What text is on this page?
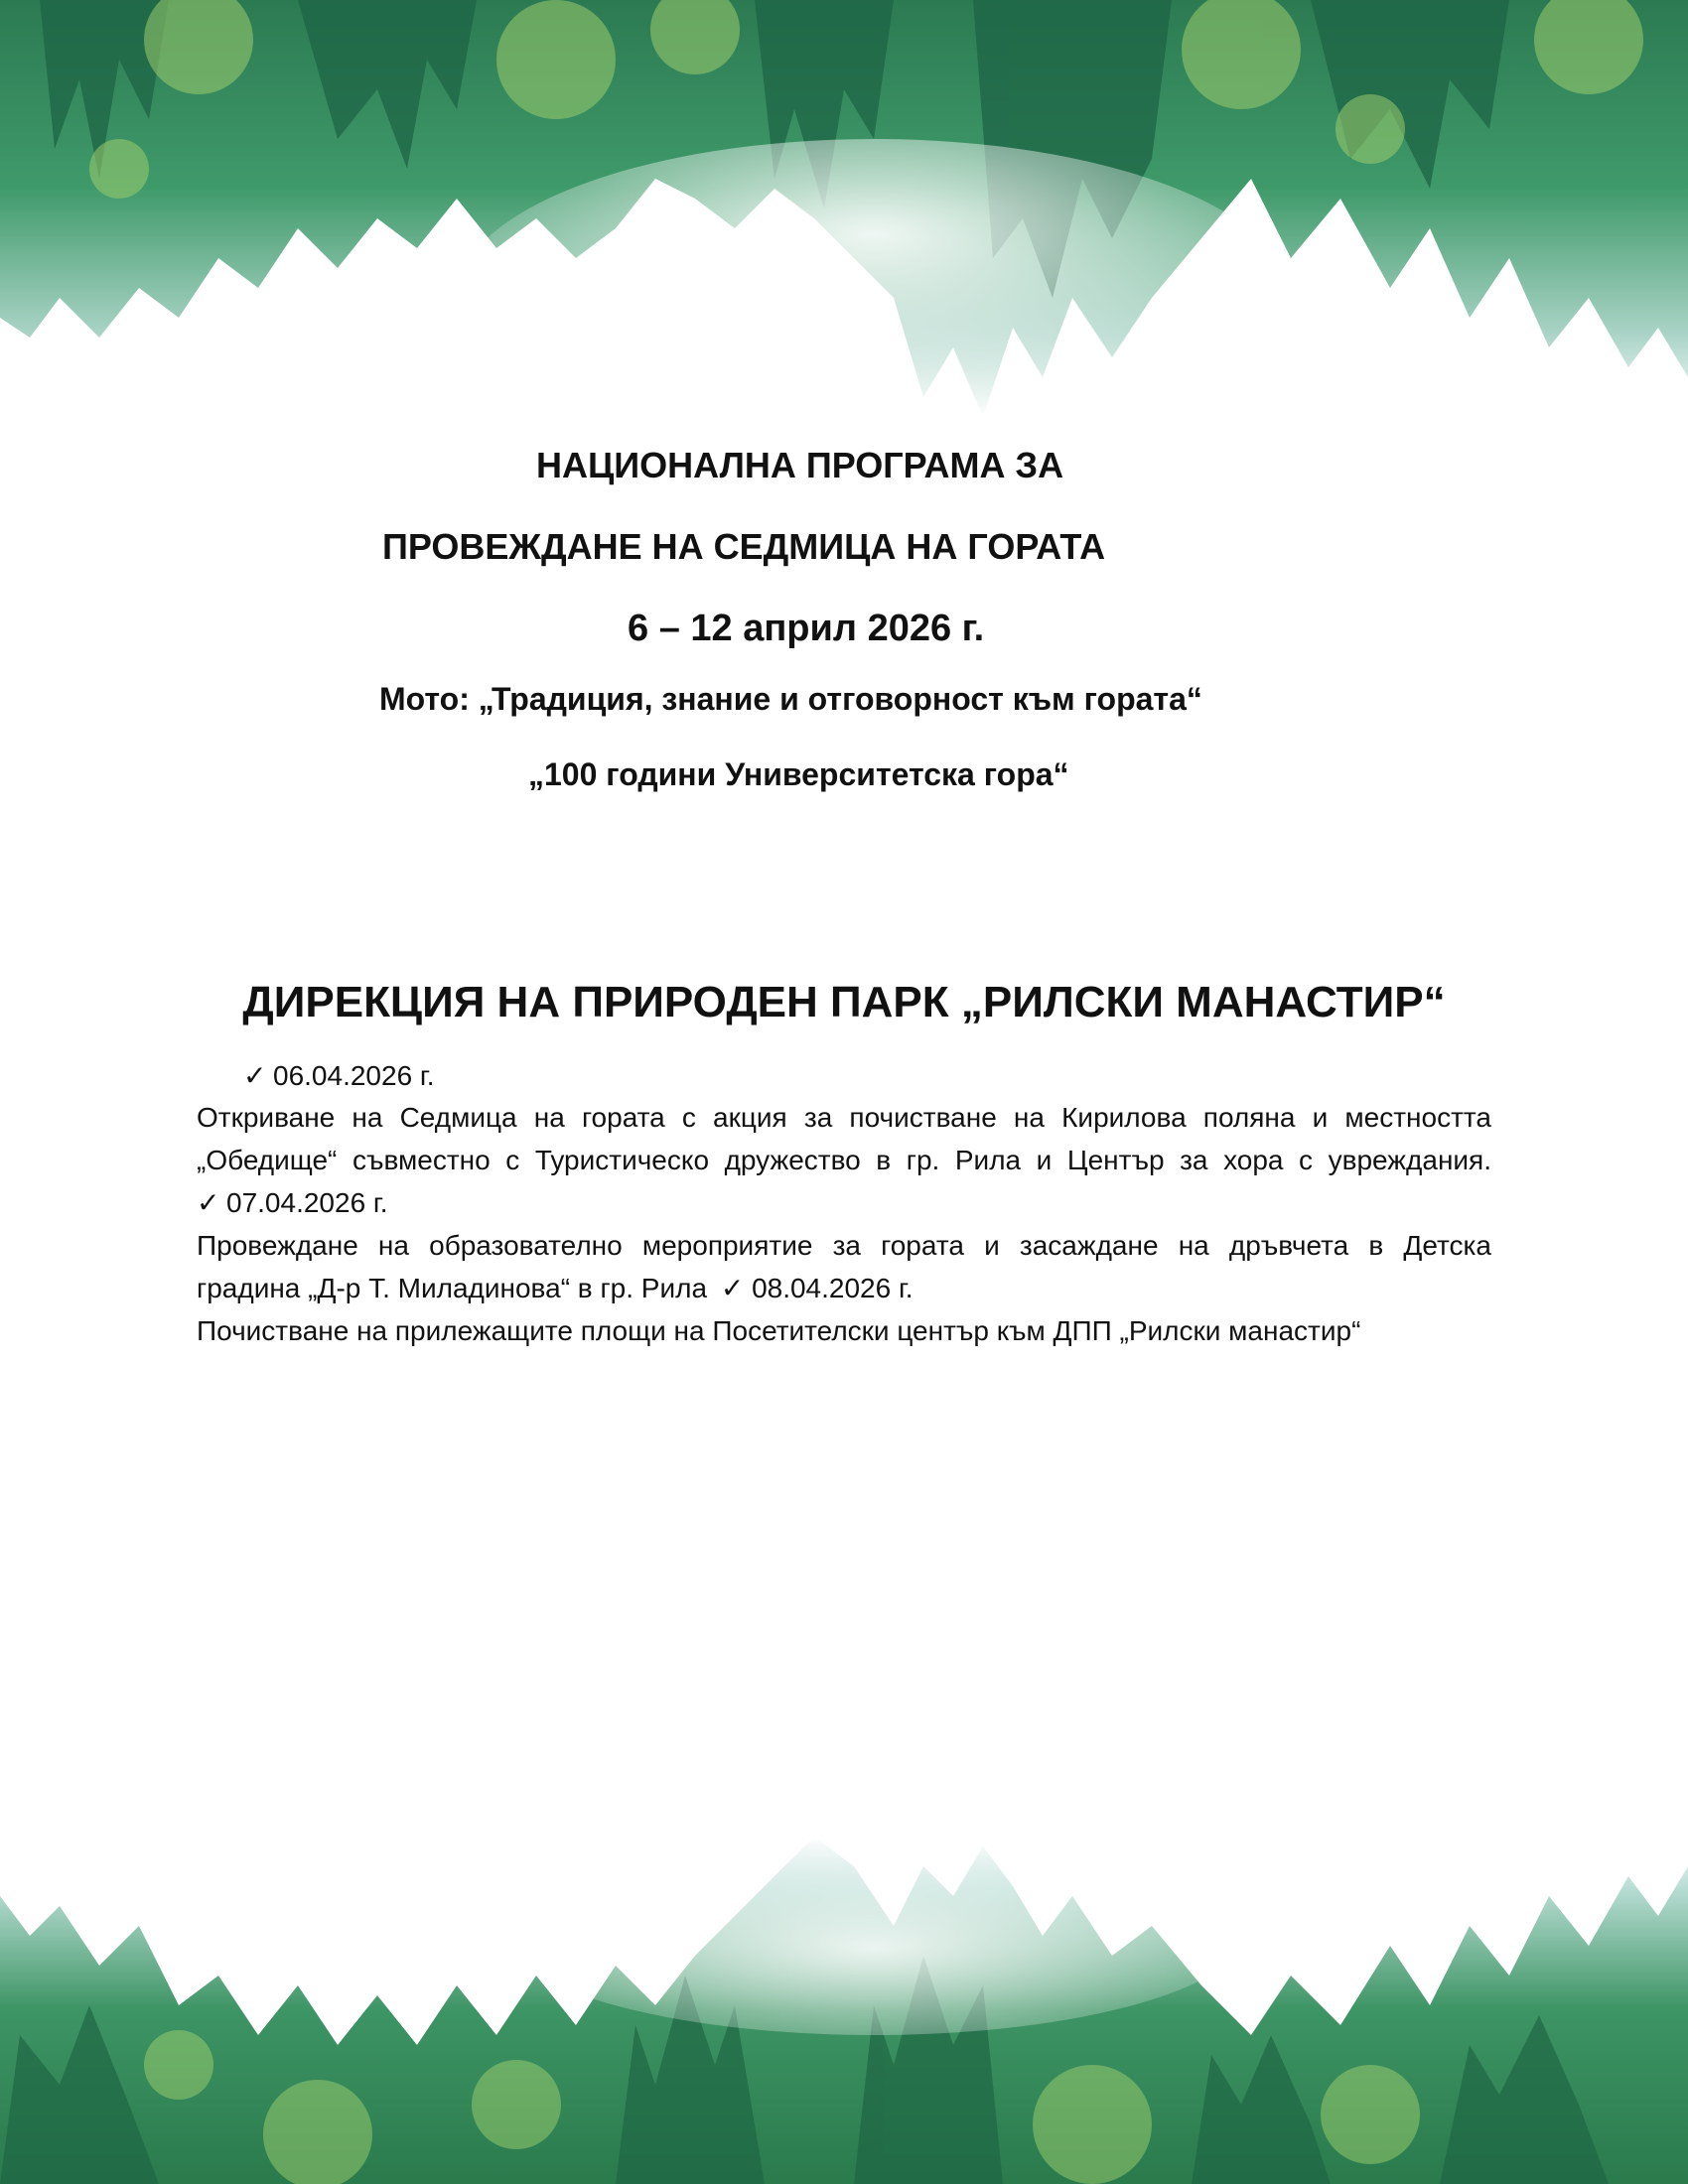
НАЦИОНАЛНА ПРОГРАМА ЗА

ПРОВЕЖДАНЕ НА СЕДМИЦА НА ГОРАТА

6 – 12 април 2026 г.

Мото: „Традиция, знание и отговорност към гората“

„100 години Университетска гора“

ДИРЕКЦИЯ НА ПРИРОДЕН ПАРК „РИЛСКИ МАНАСТИР“
✓ 06.04.2026 г.
Откриване на Седмица на гората с акция за почистване на Кирилова поляна и местността
„Обедище“ съвместно с Туристическо дружество в гр. Рила и Център за хора с увреждания.
✓ 07.04.2026 г.
Провеждане на образователно мероприятие за гората и засаждане на дръвчета в Детска
градина „Д-р Т. Миладинова“ в гр. Рила ✓ 08.04.2026 г.
Почистване на прилежащите площи на Посетителски център към ДПП „Рилски манастир“
